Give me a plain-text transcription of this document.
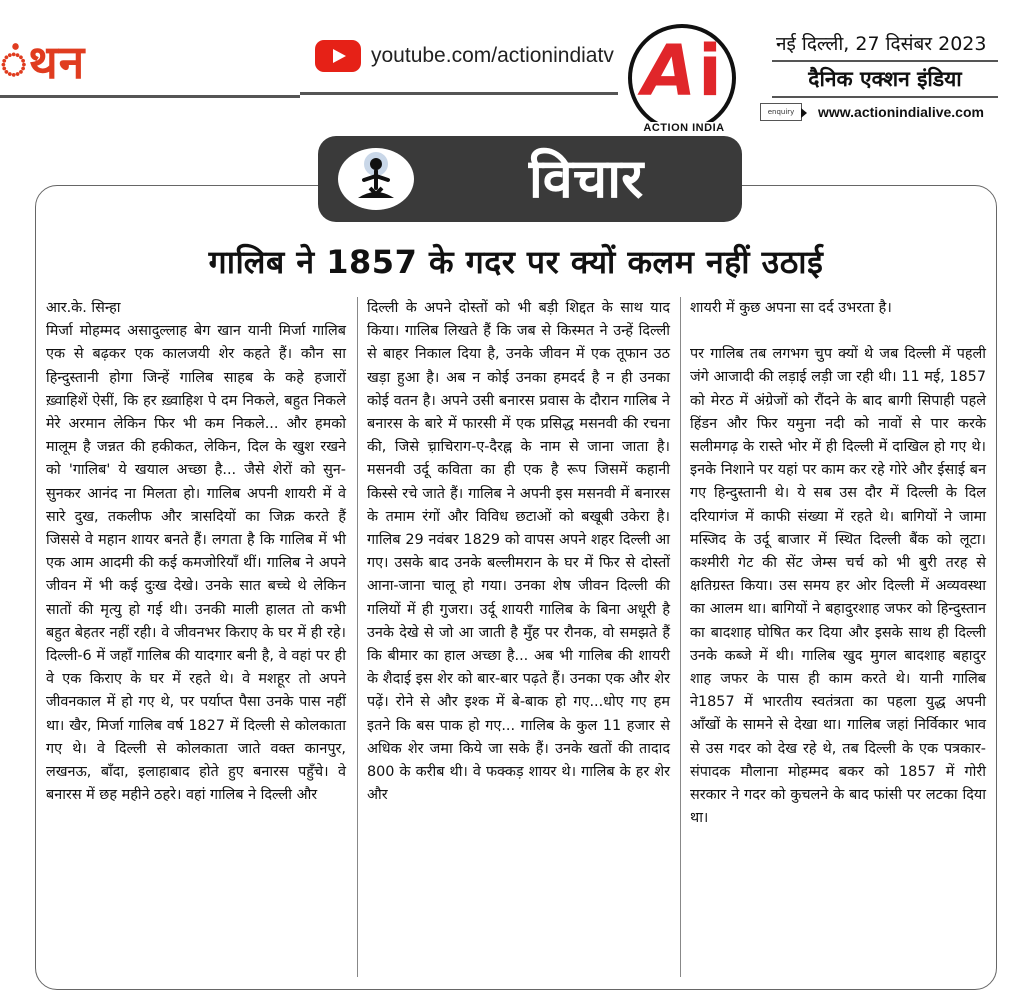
ंथन	youtube.com/actionindiatv A i
ACTION INDIA
नई दिल्ली, 27 दिसंबर 2023
दैनिक एक्शन इंडिया
enquiry	www.actionindialive.com
विचार
गालिब ने 1857 के गदर पर क्यों कलम नहीं उठाई

आर.के. सिन्हा

मिर्जा मोहम्मद असादुल्लाह बेग खान यानी मिर्जा गालिब एक से बढ़कर एक कालजयी शेर कहते हैं। कौन सा हिन्दुस्तानी होगा जिन्हें गालिब साहब के कहे हजारों ख़्वाहिशें ऐसीं, कि हर ख़्वाहिश पे दम निकले, बहुत निकले मेरे अरमान लेकिन फिर भी कम निकले... और हमको मालूम है जन्नत की हकीकत, लेकिन, दिल के खुश रखने को 'गालिब' ये खयाल अच्छा है... जैसे शेरों को सुन-सुनकर आनंद ना मिलता हो। गालिब अपनी शायरी में वे सारे दुख, तकलीफ और त्रासदियों का जिक्र करते हैं जिससे वे महान शायर बनते हैं। लगता है कि गालिब में भी एक आम आदमी की कई कमजोरियाँ थीं। गालिब ने अपने जीवन में भी कई दुःख देखे। उनके सात बच्चे थे लेकिन सातों की मृत्यु हो गई थी। उनकी माली हालत तो कभी बहुत बेहतर नहीं रही। वे जीवनभर किराए के घर में ही रहे। दिल्ली-6 में जहाँ गालिब की यादगार बनी है, वे वहां पर ही वे एक किराए के घर में रहते थे। वे मशहूर तो अपने जीवनकाल में हो गए थे, पर पर्याप्त पैसा उनके पास नहीं था। खैर, मिर्जा गालिब वर्ष 1827 में दिल्ली से कोलकाता गए थे। वे दिल्ली से कोलकाता जाते वक्त कानपुर, लखनऊ, बाँदा, इलाहाबाद होते हुए बनारस पहुँचे। वे बनारस में छह महीने ठहरे। वहां गालिब ने दिल्ली और

दिल्ली के अपने दोस्तों को भी बड़ी शिद्दत के साथ याद किया। गालिब लिखते हैं कि जब से किस्मत ने उन्हें दिल्ली से बाहर निकाल दिया है, उनके जीवन में एक तूफान उठ खड़ा हुआ है। अब न कोई उनका हमदर्द है न ही उनका कोई वतन है। अपने उसी बनारस प्रवास के दौरान गालिब ने बनारस के बारे में फारसी में एक प्रसिद्ध मसनवी की रचना की, जिसे च़्राचिराग-ए-दैरह्न के नाम से जाना जाता है। मसनवी उर्दू कविता का ही एक है रूप जिसमें कहानी किस्से रचे जाते हैं। गालिब ने अपनी इस मसनवी में बनारस के तमाम रंगों और विविध छटाओं को बखूबी उकेरा है। गालिब 29 नवंबर 1829 को वापस अपने शहर दिल्ली आ गए। उसके बाद उनके बल्लीमरान के घर में फिर से दोस्तों आना-जाना चालू हो गया। उनका शेष जीवन दिल्ली की गलियों में ही गुजरा। उर्दू शायरी गालिब के बिना अधूरी है उनके देखे से जो आ जाती है मुँह पर रौनक, वो समझते हैं कि बीमार का हाल अच्छा है... अब भी गालिब की शायरी के शैदाई इस शेर को बार-बार पढ़ते हैं। उनका एक और शेर पढ़ें। रोने से और इश्क में बे-बाक हो गए...धोए गए हम इतने कि बस पाक हो गए... गालिब के कुल 11 हजार से अधिक शेर जमा किये जा सके हैं। उनके खतों की तादाद 800 के करीब थी। वे फक्कड़ शायर थे। गालिब के हर शेर और

शायरी में कुछ अपना सा दर्द उभरता है।

पर गालिब तब लगभग चुप क्यों थे जब दिल्ली में पहली जंगे आजादी की लड़ाई लड़ी जा रही थी। 11 मई, 1857 को मेरठ में अंग्रेजों को रौंदने के बाद बागी सिपाही पहले हिंडन और फिर यमुना नदी को नावों से पार करके सलीमगढ़ के रास्ते भोर में ही दिल्ली में दाखिल हो गए थे। इनके निशाने पर यहां पर काम कर रहे गोरे और ईसाई बन गए हिन्दुस्तानी थे। ये सब उस दौर में दिल्ली के दिल दरियागंज में काफी संख्या में रहते थे। बागियों ने जामा मस्जिद के उर्दू बाजार में स्थित दिल्ली बैंक को लूटा। कश्मीरी गेट की सेंट जेम्स चर्च को भी बुरी तरह से क्षतिग्रस्त किया। उस समय हर ओर दिल्ली में अव्यवस्था का आलम था। बागियों ने बहादुरशाह जफर को हिन्दुस्तान का बादशाह घोषित कर दिया और इसके साथ ही दिल्ली उनके कब्जे में थी। गालिब खुद मुगल बादशाह बहादुर शाह जफर के पास ही काम करते थे। यानी गालिब ने1857 में भारतीय स्वतंत्रता का पहला युद्ध अपनी आँखों के सामने से देखा था। गालिब जहां निर्विकार भाव से उस गदर को देख रहे थे, तब दिल्ली के एक पत्रकार- संपादक मौलाना मोहम्मद बकर को 1857 में गोरी सरकार ने गदर को कुचलने के बाद फांसी पर लटका दिया था।
